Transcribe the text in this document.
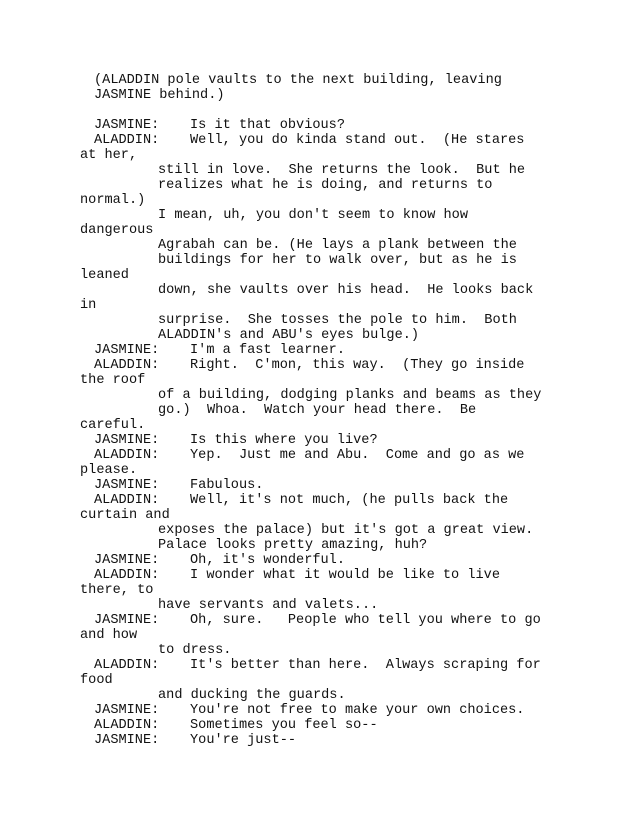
(ALADDIN pole vaults to the next building, leaving
JASMINE behind.)
JASMINE: Is it that obvious?
ALADDIN: Well, you do kinda stand out.  (He stares
at her,
still in love.  She returns the look.  But he
realizes what he is doing, and returns to
normal.)
I mean, uh, you don't seem to know how
dangerous
Agrabah can be. (He lays a plank between the
buildings for her to walk over, but as he is
leaned
down, she vaults over his head.  He looks back
in
surprise.  She tosses the pole to him.  Both
ALADDIN's and ABU's eyes bulge.)
JASMINE: I'm a fast learner.
ALADDIN: Right.  C'mon, this way.  (They go inside
the roof
of a building, dodging planks and beams as they
go.)  Whoa.  Watch your head there.  Be
careful.
JASMINE: Is this where you live?
ALADDIN: Yep.  Just me and Abu.  Come and go as we
please.
JASMINE: Fabulous.
ALADDIN: Well, it's not much, (he pulls back the
curtain and
exposes the palace) but it's got a great view.
Palace looks pretty amazing, huh?
JASMINE: Oh, it's wonderful.
ALADDIN: I wonder what it would be like to live
there, to
have servants and valets...
JASMINE: Oh, sure.   People who tell you where to go
and how
to dress.
ALADDIN: It's better than here.  Always scraping for
food
and ducking the guards.
JASMINE: You're not free to make your own choices.
ALADDIN: Sometimes you feel so--
JASMINE: You're just--
